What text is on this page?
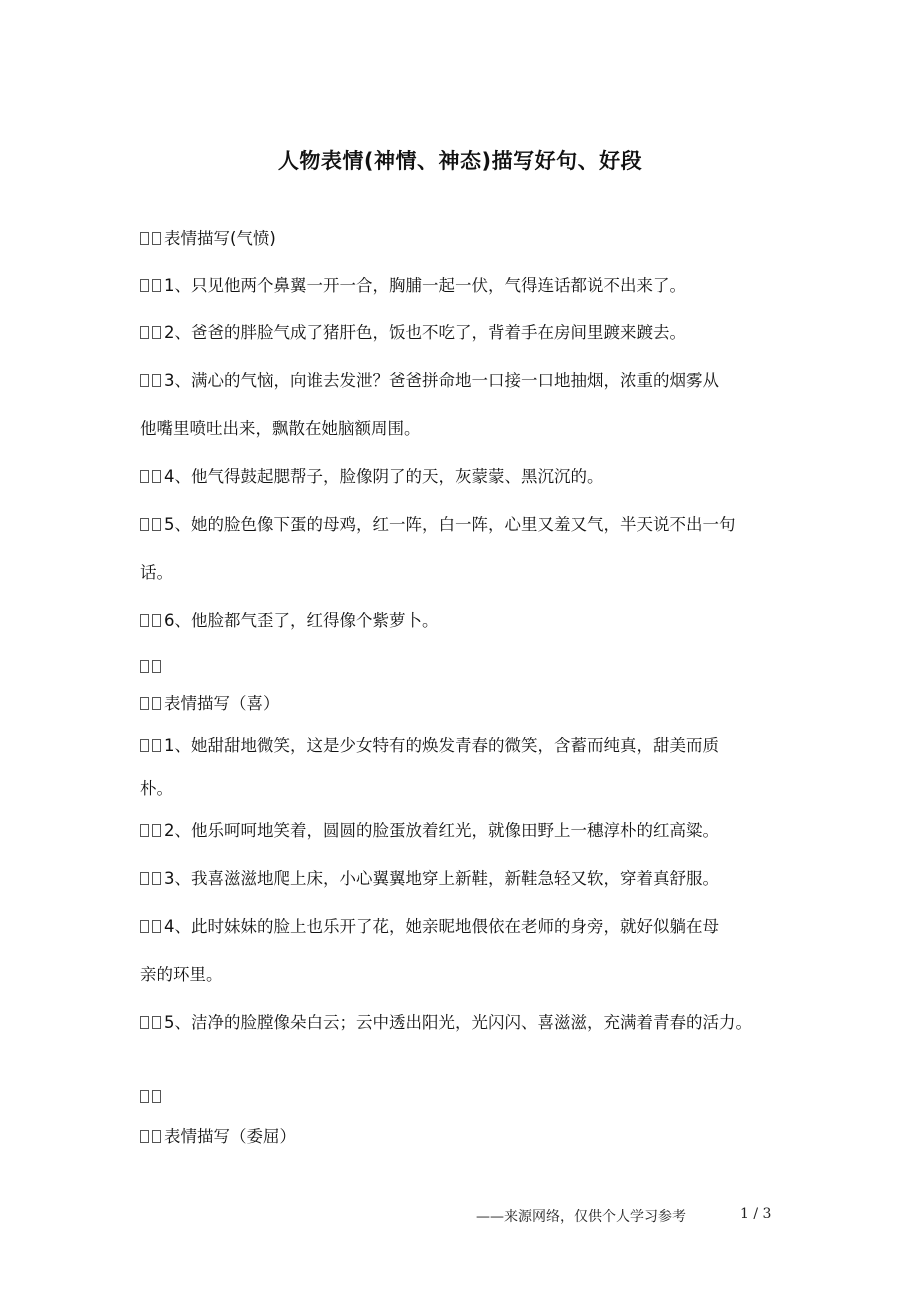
人物表情(神情、神态)描写好句、好段
表情描写(气愤)
1、只见他两个鼻翼一开一合，胸脯一起一伏，气得连话都说不出来了。
2、爸爸的胖脸气成了猪肝色，饭也不吃了，背着手在房间里踱来踱去。
3、满心的气恼，向谁去发泄？爸爸拼命地一口接一口地抽烟，浓重的烟雾从
他嘴里喷吐出来，飘散在她脑额周围。
4、他气得鼓起腮帮子，脸像阴了的天，灰蒙蒙、黑沉沉的。
5、她的脸色像下蛋的母鸡，红一阵，白一阵，心里又羞又气，半天说不出一句
话。
6、他脸都气歪了，红得像个紫萝卜。
表情描写（喜）
1、她甜甜地微笑，这是少女特有的焕发青春的微笑，含蓄而纯真，甜美而质
朴。
2、他乐呵呵地笑着，圆圆的脸蛋放着红光，就像田野上一穗淳朴的红高粱。
3、我喜滋滋地爬上床，小心翼翼地穿上新鞋，新鞋急轻又软，穿着真舒服。
4、此时妹妹的脸上也乐开了花，她亲昵地偎依在老师的身旁，就好似躺在母
亲的环里。
5、洁净的脸膛像朵白云；云中透出阳光，光闪闪、喜滋滋，充满着青春的活力。
表情描写（委屈）
——来源网络，仅供个人学习参考	1 / 3
